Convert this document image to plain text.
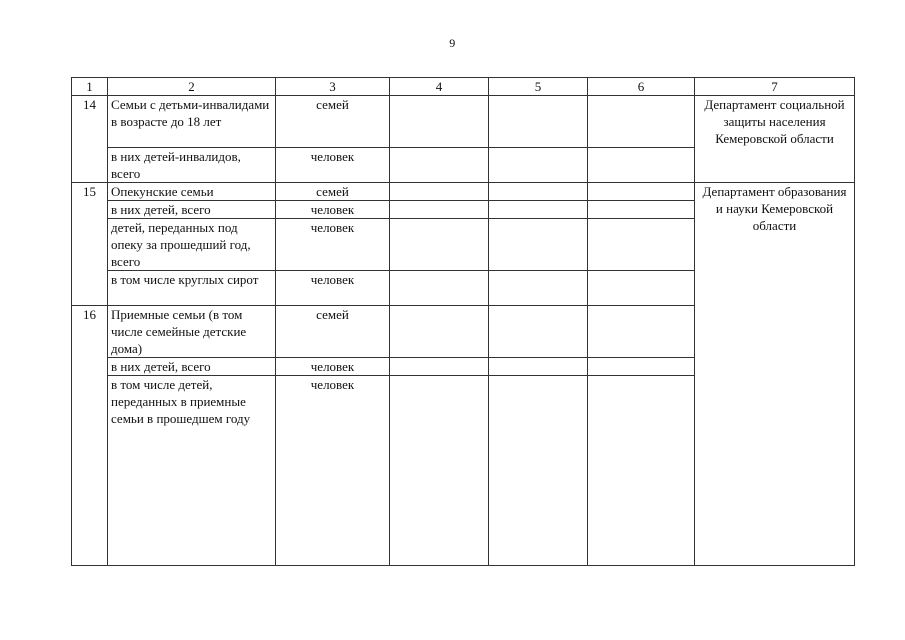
9
1	2	3	4	5	6	7
14	Семьи с детьми-инвалидами в возрасте до 18 лет	семей				Департамент социальной защиты населения Кемеровской области
	в них детей-инвалидов, всего	человек				
15	Опекунские семьи	семей				Департамент образования и науки Кемеровской области
	в них детей, всего	человек				
	детей, переданных под опеку за прошедший год, всего	человек				
	в том числе круглых сирот	человек				
16	Приемные семьи (в том числе семейные детские дома)	семей				
	в них детей, всего	человек				
	в том числе детей, переданных в приемные семьи в прошедшем году	человек				
